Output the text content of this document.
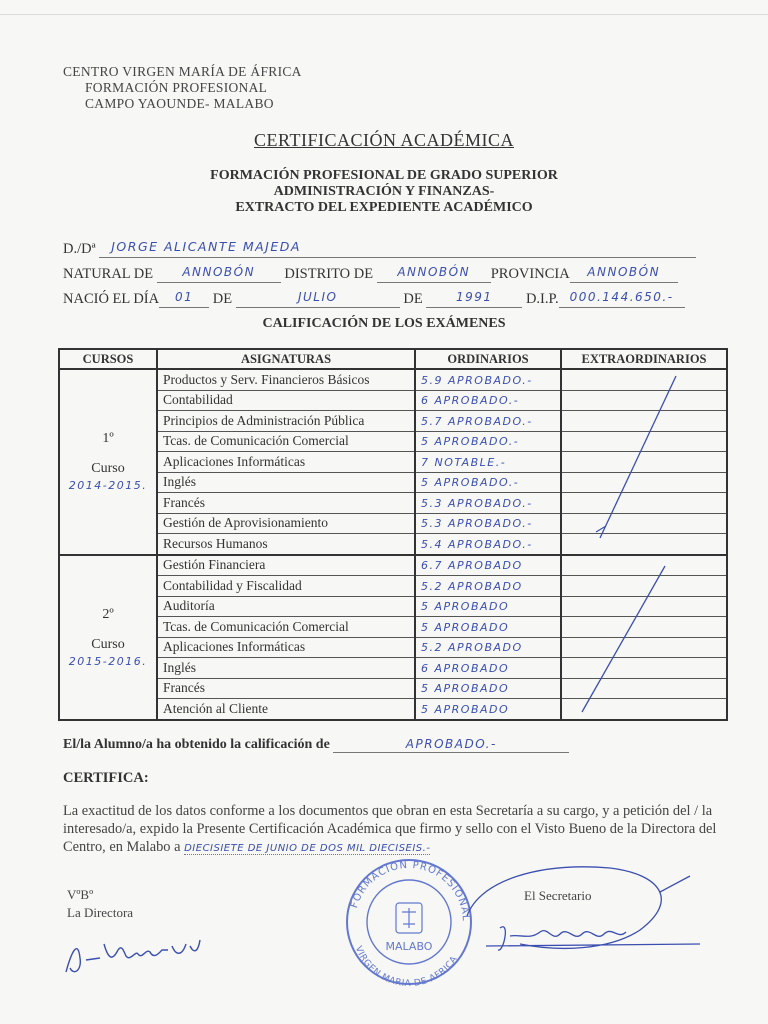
CENTRO VIRGEN MARÍA DE ÁFRICA
FORMACIÓN PROFESIONAL
CAMPO YAOUNDE- MALABO
CERTIFICACIÓN ACADÉMICA
FORMACIÓN PROFESIONAL DE GRADO SUPERIOR
ADMINISTRACIÓN Y FINANZAS-
EXTRACTO DEL EXPEDIENTE ACADÉMICO
D./Dª JORGE ALICANTE MAJEDA
NATURAL DE ANNOBÓN DISTRITO DE ANNOBÓN PROVINCIA ANNOBÓN
NACIÓ EL DÍA 01 DE	JULIO	DE	1991 D.I.P. 000.144.650.-
CALIFICACIÓN DE LOS EXÁMENES
CURSOS	ASIGNATURAS	ORDINARIOS	EXTRAORDINARIOS

1º
Curso
2014-2015.	Productos y Serv. Financieros Básicos	5.9 APROBADO.-	
	Contabilidad	6 APROBADO.-	
	Principios de Administración Pública	5.7 APROBADO.-	
	Tcas. de Comunicación Comercial	5 APROBADO.-	
	Aplicaciones Informáticas	7 NOTABLE.-	
	Inglés	5 APROBADO.-	
	Francés	5.3 APROBADO.-	
	Gestión de Aprovisionamiento	5.3 APROBADO.-	
	Recursos Humanos	5.4 APROBADO.-	

2º
Curso
2015-2016.	Gestión Financiera	6.7 APROBADO	
	Contabilidad y Fiscalidad	5.2 APROBADO	
	Auditoría	5 APROBADO	
	Tcas. de Comunicación Comercial	5 APROBADO	
	Aplicaciones Informáticas	5.2 APROBADO	
	Inglés	6 APROBADO	
	Francés	5 APROBADO	
	Atención al Cliente	5 APROBADO	
El/la Alumno/a ha obtenido la calificación de	APROBADO.-
CERTIFICA:
La exactitud de los datos conforme a los documentos que obran en esta Secretaría a su cargo, y a petición del / la interesado/a, expido la Presente Certificación Académica que firmo y sello con el Visto Bueno de la Directora del Centro, en Malabo a DIECISIETE DE JUNIO DE DOS MIL DIECISEIS.-
VºBº
La Directora
El Secretario
FORMACION PROFESIONAL
VIRGEN MARIA DE AFRICA
MALABO
